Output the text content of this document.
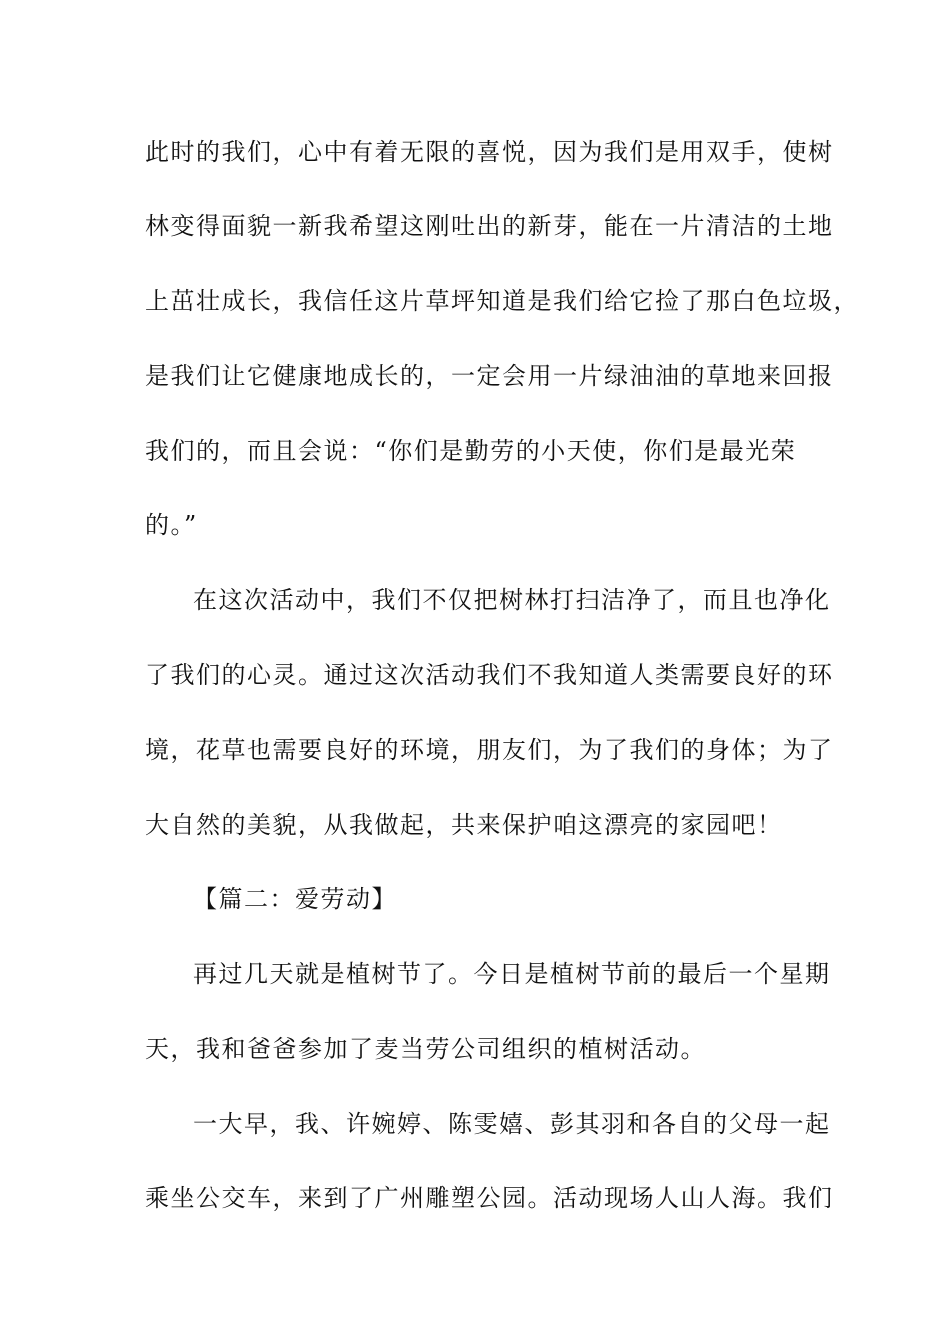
此时的我们，心中有着无限的喜悦，因为我们是用双手，使树
林变得面貌一新我希望这刚吐出的新芽，能在一片清洁的土地
上茁壮成长，我信任这片草坪知道是我们给它捡了那白色垃圾，
是我们让它健康地成长的，一定会用一片绿油油的草地来回报
我们的，而且会说：“你们是勤劳的小天使，你们是最光荣
的。”
在这次活动中，我们不仅把树林打扫洁净了，而且也净化
了我们的心灵。通过这次活动我们不我知道人类需要良好的环
境，花草也需要良好的环境，朋友们，为了我们的身体；为了
大自然的美貌，从我做起，共来保护咱这漂亮的家园吧！
【篇二：爱劳动】
再过几天就是植树节了。今日是植树节前的最后一个星期
天，我和爸爸参加了麦当劳公司组织的植树活动。
一大早，我、许婉婷、陈雯嬉、彭其羽和各自的父母一起
乘坐公交车，来到了广州雕塑公园。活动现场人山人海。我们
